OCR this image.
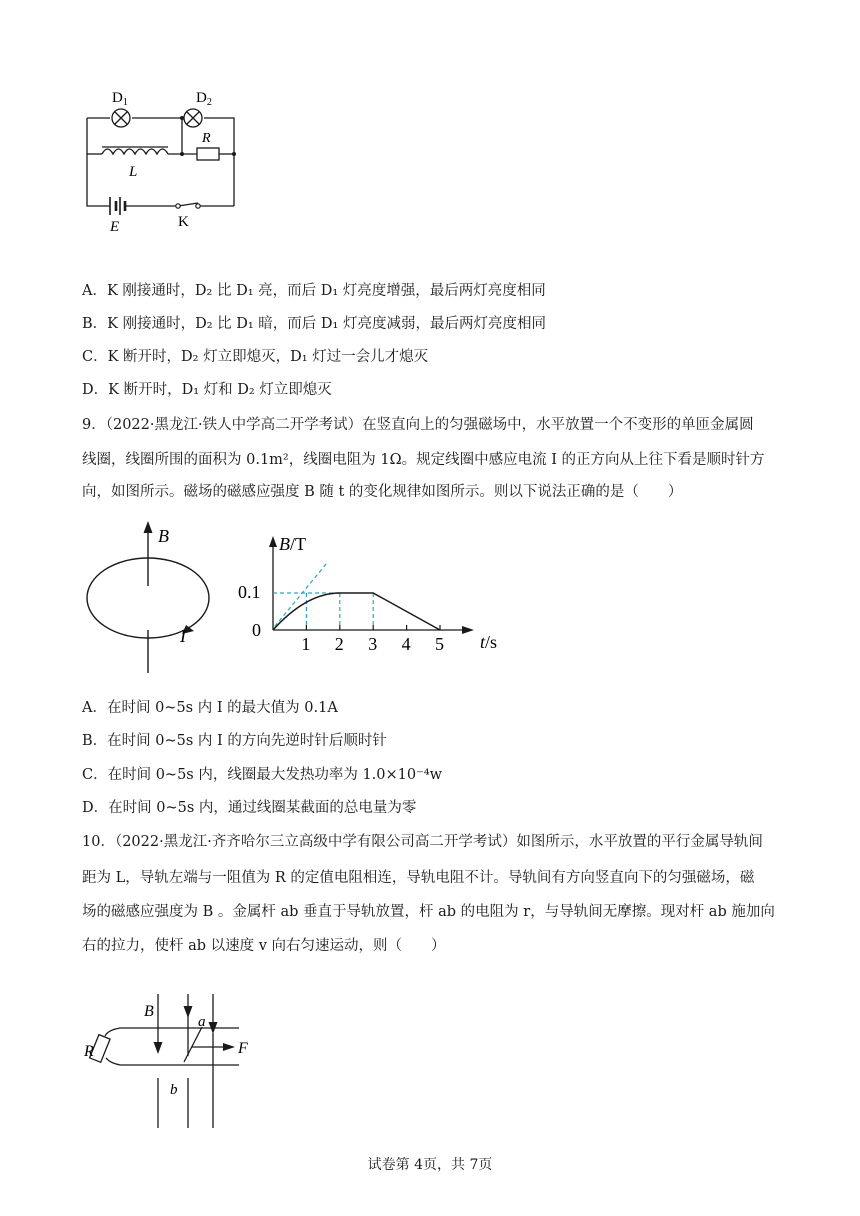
$D_1$	$D_2$
L
R
E	K
A．K 刚接通时，D₂ 比 D₁ 亮，而后 D₁ 灯亮度增强，最后两灯亮度相同
B．K 刚接通时，D₂ 比 D₁ 暗，而后 D₁ 灯亮度减弱，最后两灯亮度相同
C．K 断开时，D₂ 灯立即熄灭，D₁ 灯过一会儿才熄灭
D．K 断开时，D₁ 灯和 D₂ 灯立即熄灭
9．（2022·黑龙江·铁人中学高二开学考试）在竖直向上的匀强磁场中，水平放置一个不变形的单匝金属圆
线圈，线圈所围的面积为 0.1m²，线圈电阻为 1Ω。规定线圈中感应电流 I 的正方向从上往下看是顺时针方
向，如图所示。磁场的磁感应强度 B 随 t 的变化规律如图所示。则以下说法正确的是（　　）
B
I	1 2 3 4 5
B/T
t/s
0
0.1
A．在时间 0~5s 内 I 的最大值为 0.1A
B．在时间 0~5s 内 I 的方向先逆时针后顺时针
C．在时间 0~5s 内，线圈最大发热功率为 1.0×10⁻⁴w
D．在时间 0~5s 内，通过线圈某截面的总电量为零
10．（2022·黑龙江·齐齐哈尔三立高级中学有限公司高二开学考试）如图所示，水平放置的平行金属导轨间
距为 L，导轨左端与一阻值为 R 的定值电阻相连，导轨电阻不计。导轨间有方向竖直向下的匀强磁场，磁
场的磁感应强度为 B 。金属杆 ab 垂直于导轨放置，杆 ab 的电阻为 r，与导轨间无摩擦。现对杆 ab 施加向
右的拉力，使杆 ab 以速度 v 向右匀速运动，则（　　）
B
a
b
R	F
试卷第 4页，共 7页
